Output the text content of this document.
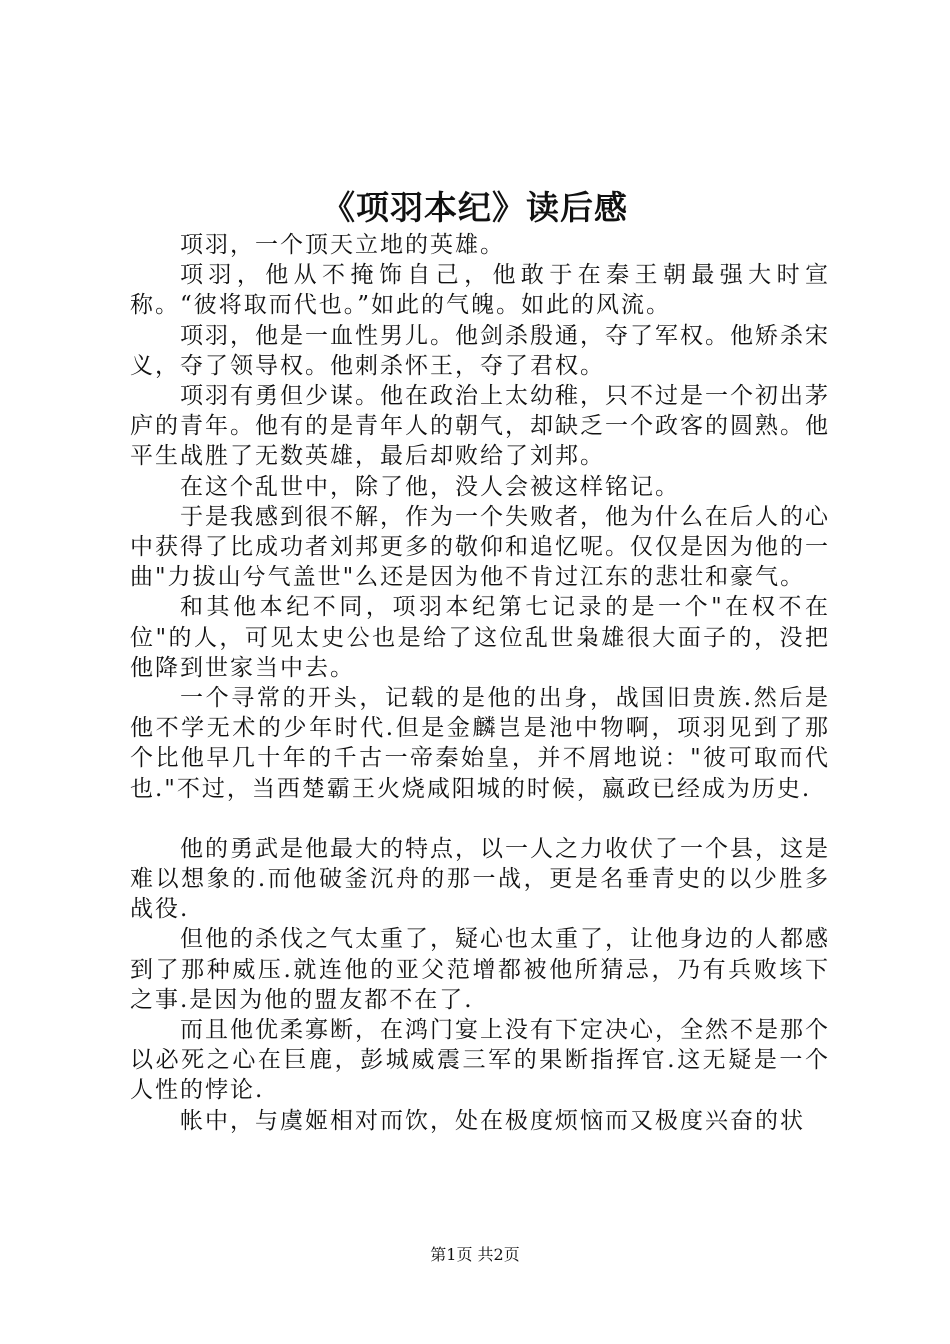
《项羽本纪》读后感

项羽，一个顶天立地的英雄。

项羽，他从不掩饰自己，他敢于在秦王朝最强大时宣称。“彼将取而代也。”如此的气魄。如此的风流。

项羽，他是一血性男儿。他剑杀殷通，夺了军权。他矫杀宋义，夺了领导权。他刺杀怀王，夺了君权。

项羽有勇但少谋。他在政治上太幼稚，只不过是一个初出茅庐的青年。他有的是青年人的朝气，却缺乏一个政客的圆熟。他平生战胜了无数英雄，最后却败给了刘邦。

在这个乱世中，除了他，没人会被这样铭记。

于是我感到很不解，作为一个失败者，他为什么在后人的心中获得了比成功者刘邦更多的敬仰和追忆呢。仅仅是因为他的一曲"力拔山兮气盖世"么还是因为他不肯过江东的悲壮和豪气。

和其他本纪不同，项羽本纪第七记录的是一个"在权不在位"的人，可见太史公也是给了这位乱世枭雄很大面子的，没把他降到世家当中去。

一个寻常的开头，记载的是他的出身，战国旧贵族.然后是他不学无术的少年时代.但是金麟岂是池中物啊，项羽见到了那个比他早几十年的千古一帝秦始皇，并不屑地说："彼可取而代也."不过，当西楚霸王火烧咸阳城的时候，嬴政已经成为历史.

他的勇武是他最大的特点，以一人之力收伏了一个县，这是难以想象的.而他破釜沉舟的那一战，更是名垂青史的以少胜多战役.

但他的杀伐之气太重了，疑心也太重了，让他身边的人都感到了那种威压.就连他的亚父范增都被他所猜忌，乃有兵败垓下之事.是因为他的盟友都不在了.

而且他优柔寡断，在鸿门宴上没有下定决心，全然不是那个以必死之心在巨鹿，彭城威震三军的果断指挥官.这无疑是一个人性的悖论.

帐中，与虞姬相对而饮，处在极度烦恼而又极度兴奋的状

第1页 共2页
